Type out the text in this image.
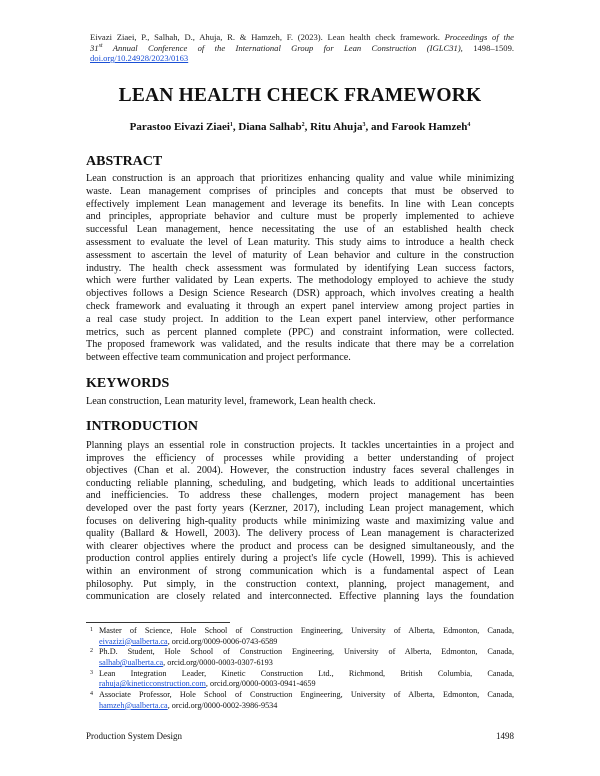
Eivazi Ziaei, P., Salhah, D., Ahuja, R. & Hamzeh, F. (2023). Lean health check framework. Proceedings of the
31st Annual Conference of the International Group for Lean Construction (IGLC31), 1498–1509.
doi.org/10.24928/2023/0163
LEAN HEALTH CHECK FRAMEWORK
Parastoo Eivazi Ziaei$^1$, Diana Salhab$^2$, Ritu Ahuja$^3$, and Farook Hamzeh$^4$
ABSTRACT
Lean construction is an approach that prioritizes enhancing quality and value while minimizing
waste. Lean management comprises of principles and concepts that must be observed to
effectively implement Lean management and leverage its benefits. In line with Lean concepts
and principles, appropriate behavior and culture must be properly implemented to achieve
successful Lean management, hence necessitating the use of an established health check
assessment to evaluate the level of Lean maturity. This study aims to introduce a health check
assessment to ascertain the level of maturity of Lean behavior and culture in the construction
industry. The health check assessment was formulated by identifying Lean success factors,
which were further validated by Lean experts. The methodology employed to achieve the study
objectives follows a Design Science Research (DSR) approach, which involves creating a health
check framework and evaluating it through an expert panel interview among project parties in
a real case study project. In addition to the Lean expert panel interview, other performance
metrics, such as percent planned complete (PPC) and constraint information, were collected.
The proposed framework was validated, and the results indicate that there may be a correlation
between effective team communication and project performance.
KEYWORDS
Lean construction, Lean maturity level, framework, Lean health check.
INTRODUCTION
Planning plays an essential role in construction projects. It tackles uncertainties in a project and
improves the efficiency of processes while providing a better understanding of project
objectives (Chan et al. 2004). However, the construction industry faces several challenges in
conducting reliable planning, scheduling, and budgeting, which leads to additional uncertainties
and inefficiencies. To address these challenges, modern project management has been
developed over the past forty years (Kerzner, 2017), including Lean project management, which
focuses on delivering high-quality products while minimizing waste and maximizing value and
quality (Ballard & Howell, 2003). The delivery process of Lean management is characterized
with clearer objectives where the product and process can be designed simultaneously, and the
production control applies entirely during a project's life cycle (Howell, 1999). This is achieved
within an environment of strong communication which is a fundamental aspect of Lean
philosophy. Put simply, in the construction context, planning, project management, and
communication are closely related and interconnected. Effective planning lays the foundation
1 Master of Science, Hole School of Construction Engineering, University of Alberta, Edmonton, Canada,
eivazizi@ualberta.ca, orcid.org/0009-0006-0743-6589
2 Ph.D. Student, Hole School of Construction Engineering, University of Alberta, Edmonton, Canada,
salhab@ualberta.ca, orcid.org/0000-0003-0307-6193
3 Lean Integration Leader, Kinetic Construction Ltd., Richmond, British Columbia, Canada,
rahuja@kineticconstruction.com, orcid.org/0000-0003-0941-4659
4 Associate Professor, Hole School of Construction Engineering, University of Alberta, Edmonton, Canada,
hamzeh@ualberta.ca, orcid.org/0000-0002-3986-9534
Production System Design	1498
